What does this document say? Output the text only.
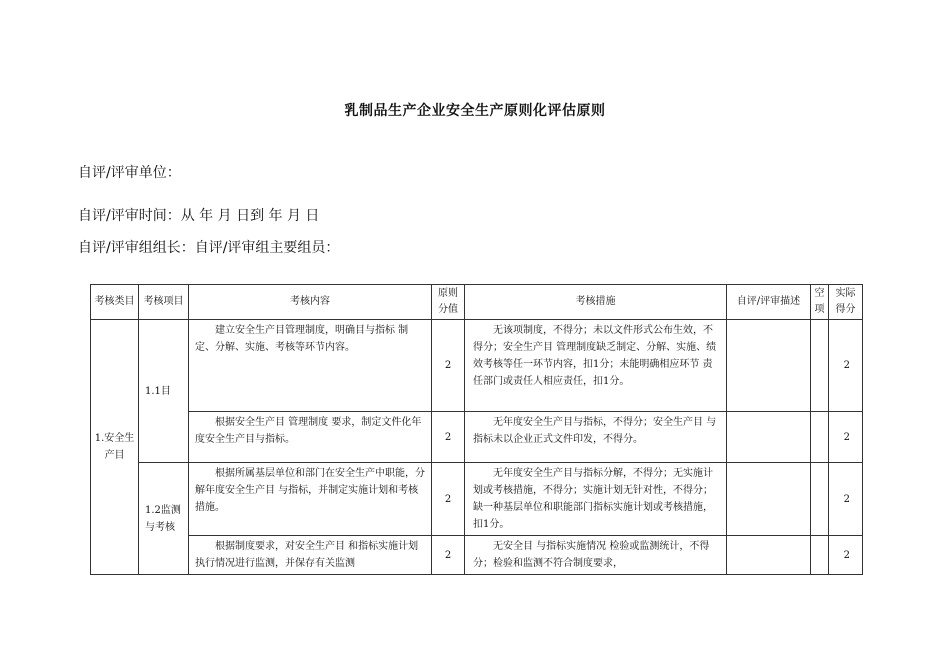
乳制品生产企业安全生产原则化评估原则
自评/评审单位：
自评/评审时间：从 年 月 日到 年 月 日
自评/评审组组长：自评/评审组主要组员：
考核类目	考核项目	考核内容	原则分值	考核措施	自评/评审描述	空项	实际得分
1.安全生产目	1.1目	建立安全生产目管理制度，明确目与指标 制定、分解、实施、考核等环节内容。	2	无该项制度，不得分；未以文件形式公布生效，不得分；安全生产目 管理制度缺乏制定、分解、实施、绩效考核等任一环节内容，扣1分；未能明确相应环节 责任部门或责任人相应责任，扣1分。			2

		根据安全生产目 管理制度 要求，制定文件化年度安全生产目与指标。	2	无年度安全生产目与指标，不得分；安全生产目 与指标未以企业正式文件印发，不得分。			2
	1.2监测与考核	根据所属基层单位和部门在安全生产中职能，分解年度安全生产目 与指标，并制定实施计划和考核措施。	2	无年度安全生产目与指标分解，不得分；无实施计划或考核措施，不得分；实施计划无针对性，不得分；缺一种基层单位和职能部门指标实施计划或考核措施，扣1分。			2

		根据制度要求，对安全生产目 和指标实施计划执行情况进行监测，并保存有关监测	2	无安全目 与指标实施情况 检验或监测统计，不得分；检验和监测不符合制度要求，			2
